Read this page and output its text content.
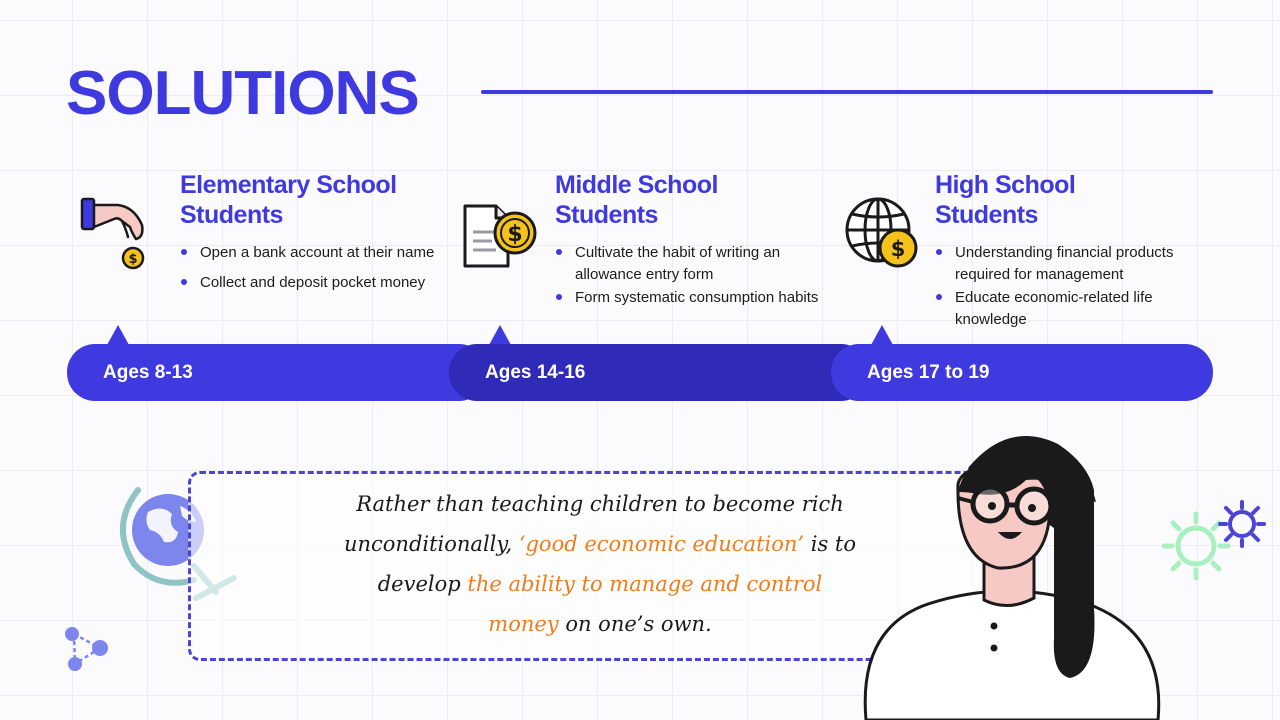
SOLUTIONS
$
$
$
Elementary School
Students
Open a bank account at their name
Collect and deposit pocket money
Middle School
Students
Cultivate the habit of writing an allowance entry form
Form systematic consumption habits
High School
Students
Understanding financial products required for management
Educate economic-related life knowledge
Ages 8-13	Ages 14-16	Ages 17 to 19

Rather than teaching children to become rich unconditionally, ‘good economic education’ is to develop the ability to manage and control money on one’s own.
